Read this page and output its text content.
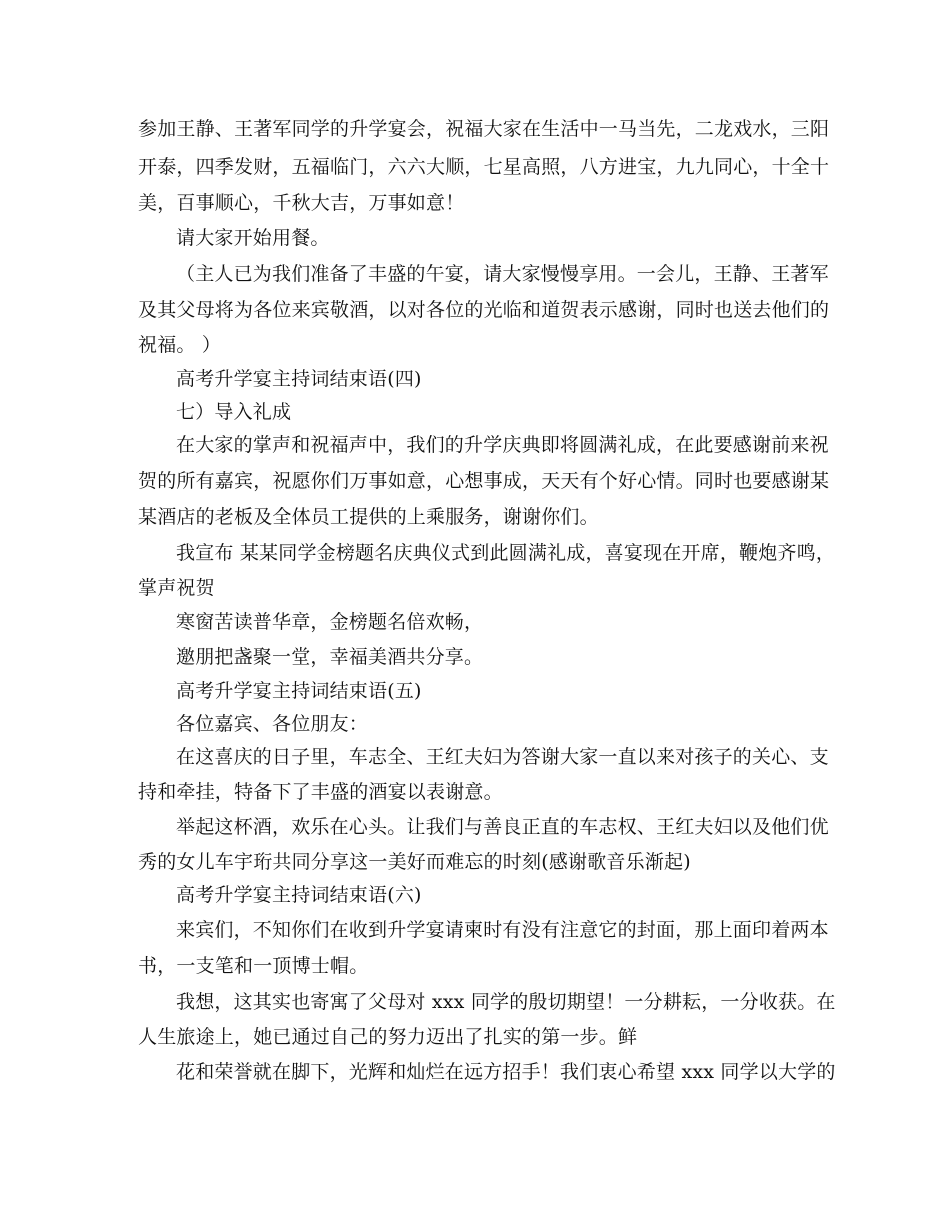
参加王静、王著军同学的升学宴会，祝福大家在生活中一马当先，二龙戏水，三阳
开泰，四季发财，五福临门，六六大顺，七星高照，八方进宝，九九同心，十全十
美，百事顺心，千秋大吉，万事如意！
请大家开始用餐。
（主人已为我们准备了丰盛的午宴，请大家慢慢享用。一会儿，王静、王著军
及其父母将为各位来宾敬酒，以对各位的光临和道贺表示感谢，同时也送去他们的
祝福。 ）
高考升学宴主持词结束语(四)
七）导入礼成
在大家的掌声和祝福声中，我们的升学庆典即将圆满礼成，在此要感谢前来祝
贺的所有嘉宾，祝愿你们万事如意，心想事成，天天有个好心情。同时也要感谢某
某酒店的老板及全体员工提供的上乘服务，谢谢你们。
我宣布 某某同学金榜题名庆典仪式到此圆满礼成，喜宴现在开席，鞭炮齐鸣，
掌声祝贺
寒窗苦读普华章，金榜题名倍欢畅，
邀朋把盏聚一堂，幸福美酒共分享。
高考升学宴主持词结束语(五)
各位嘉宾、各位朋友：
在这喜庆的日子里，车志全、王红夫妇为答谢大家一直以来对孩子的关心、支
持和牵挂，特备下了丰盛的酒宴以表谢意。
举起这杯酒，欢乐在心头。让我们与善良正直的车志权、王红夫妇以及他们优
秀的女儿车宇珩共同分享这一美好而难忘的时刻(感谢歌音乐渐起)
高考升学宴主持词结束语(六)
来宾们，不知你们在收到升学宴请柬时有没有注意它的封面，那上面印着两本
书，一支笔和一顶博士帽。
我想，这其实也寄寓了父母对 xxx 同学的殷切期望！一分耕耘，一分收获。在
人生旅途上，她已通过自己的努力迈出了扎实的第一步。鲜
花和荣誉就在脚下，光辉和灿烂在远方招手！我们衷心希望 xxx 同学以大学的
